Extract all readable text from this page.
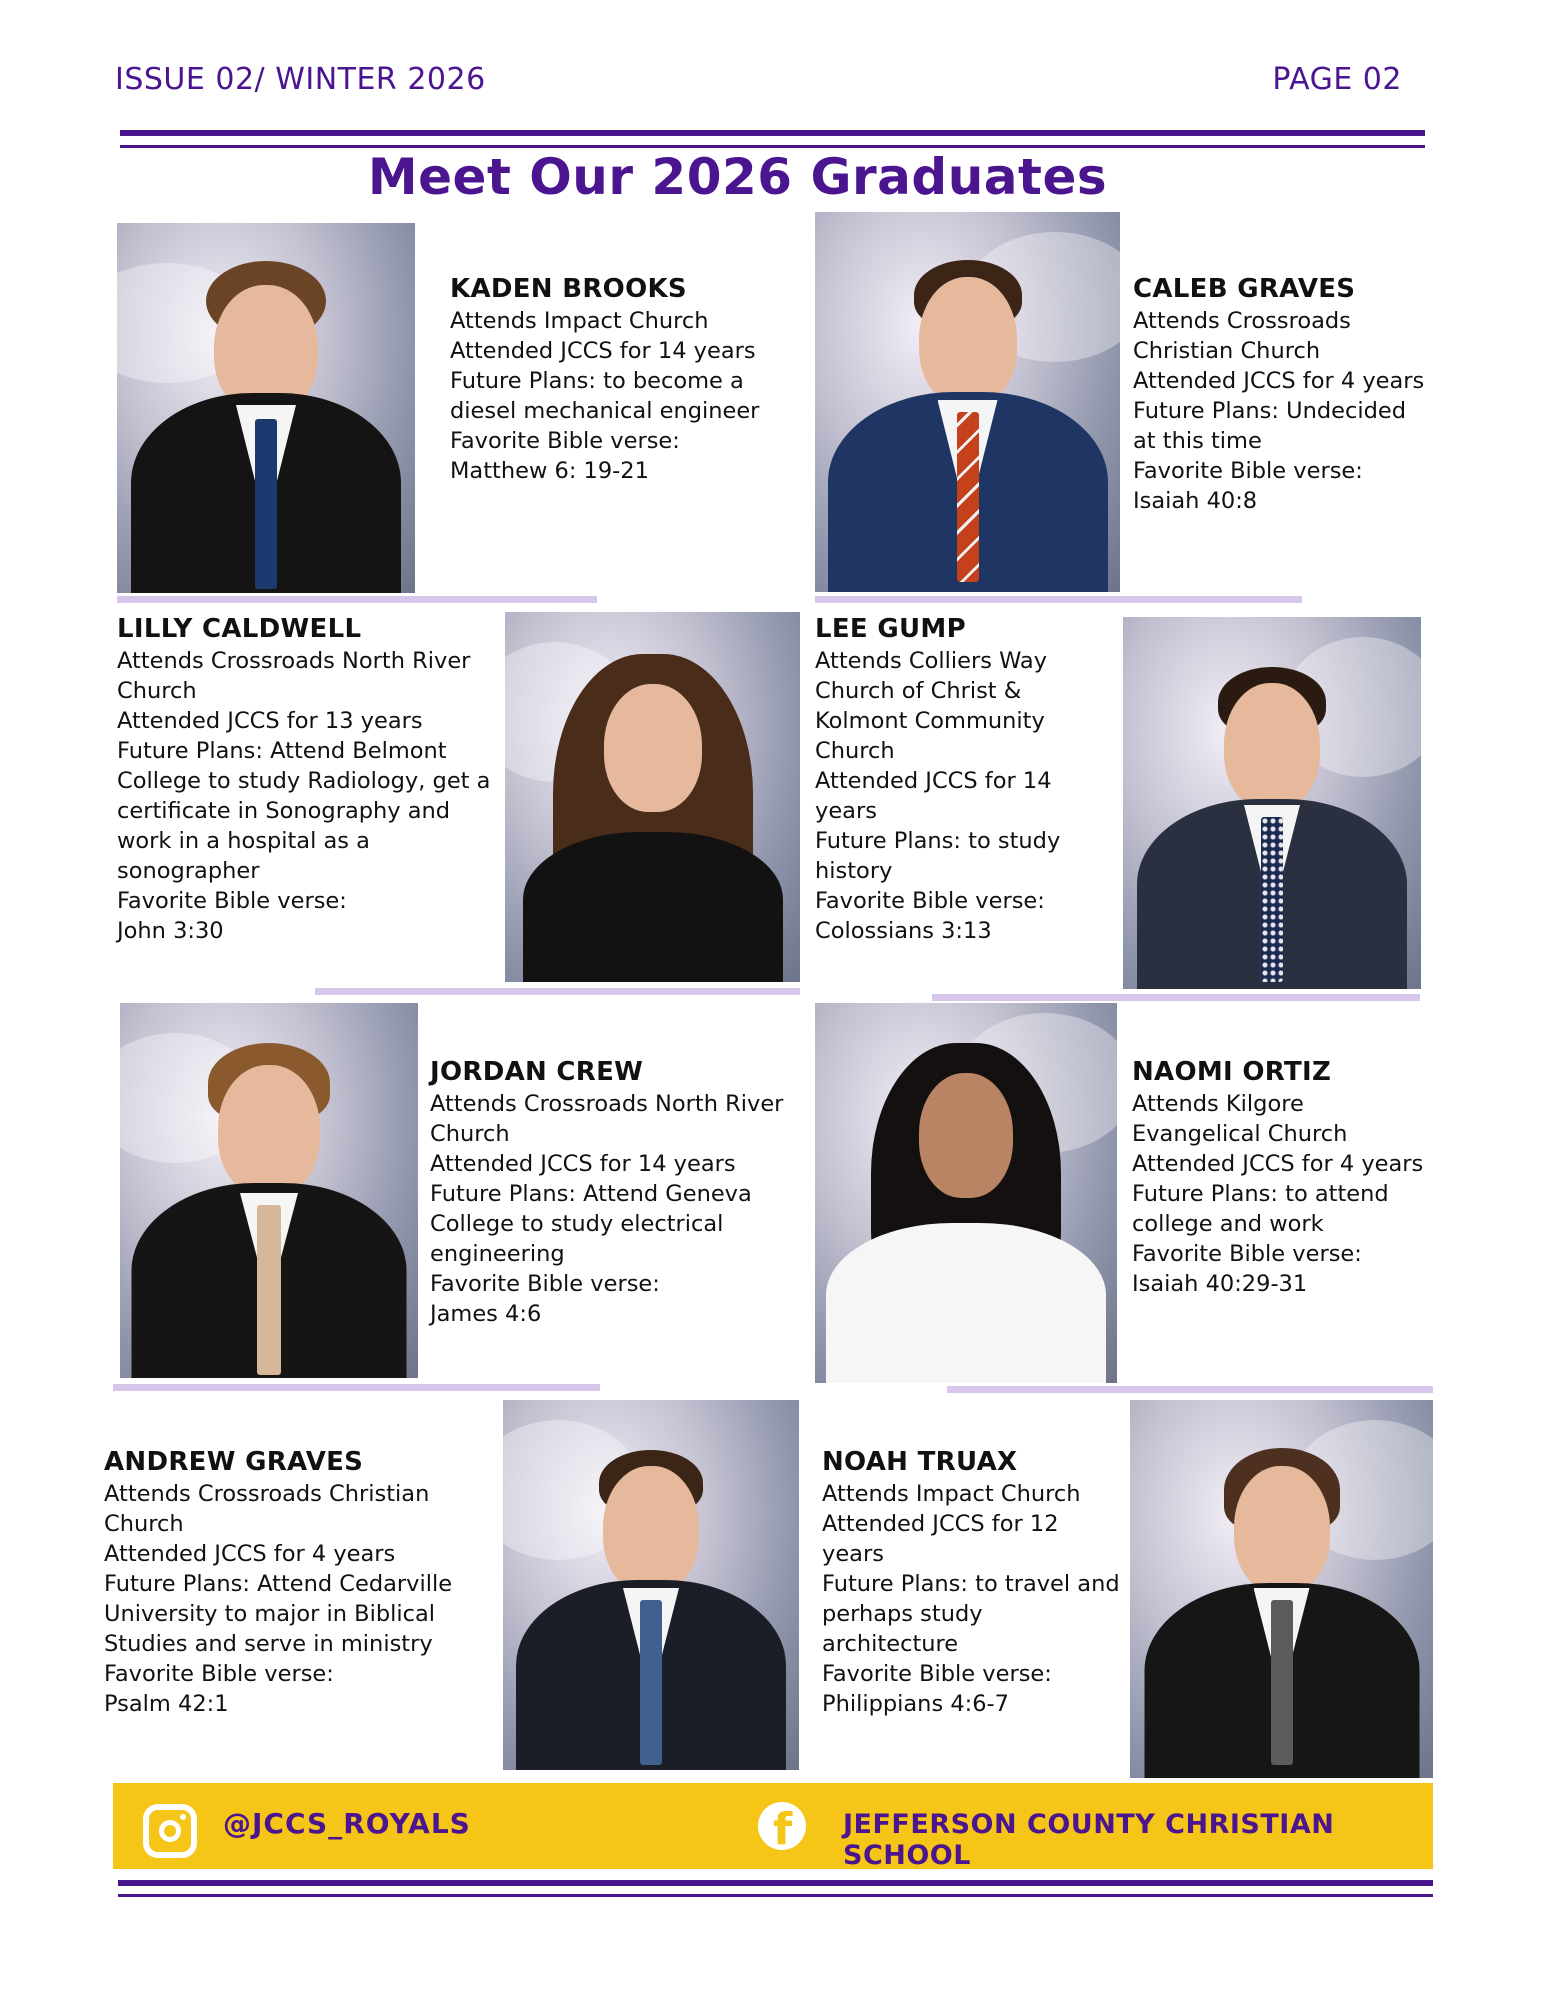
ISSUE 02/ WINTER 2026	PAGE 02
Meet Our 2026 Graduates
KADEN BROOKS
Attends Impact Church
Attended JCCS for 14 years
Future Plans: to become a
diesel mechanical engineer
Favorite Bible verse:
Matthew 6: 19-21
CALEB GRAVES
Attends Crossroads
Christian Church
Attended JCCS for 4 years
Future Plans: Undecided
at this time
Favorite Bible verse:
Isaiah 40:8
LILLY CALDWELL
Attends Crossroads North River
Church
Attended JCCS for 13 years
Future Plans: Attend Belmont
College to study Radiology, get a
certificate in Sonography and
work in a hospital as a
sonographer
Favorite Bible verse:
John 3:30
LEE GUMP
Attends Colliers Way
Church of Christ &
Kolmont Community
Church
Attended JCCS for 14
years
Future Plans: to study
history
Favorite Bible verse:
Colossians 3:13
JORDAN CREW
Attends Crossroads North River
Church
Attended JCCS for 14 years
Future Plans: Attend Geneva
College to study electrical
engineering
Favorite Bible verse:
James 4:6
NAOMI ORTIZ
Attends Kilgore
Evangelical Church
Attended JCCS for 4 years
Future Plans: to attend
college and work
Favorite Bible verse:
Isaiah 40:29-31
ANDREW GRAVES
Attends Crossroads Christian
Church
Attended JCCS for 4 years
Future Plans: Attend Cedarville
University to major in Biblical
Studies and serve in ministry
Favorite Bible verse:
Psalm 42:1
NOAH TRUAX
Attends Impact Church
Attended JCCS for 12
years
Future Plans: to travel and
perhaps study
architecture
Favorite Bible verse:
Philippians 4:6-7
@JCCS_ROYALS	f JEFFERSON COUNTY CHRISTIAN SCHOOL
